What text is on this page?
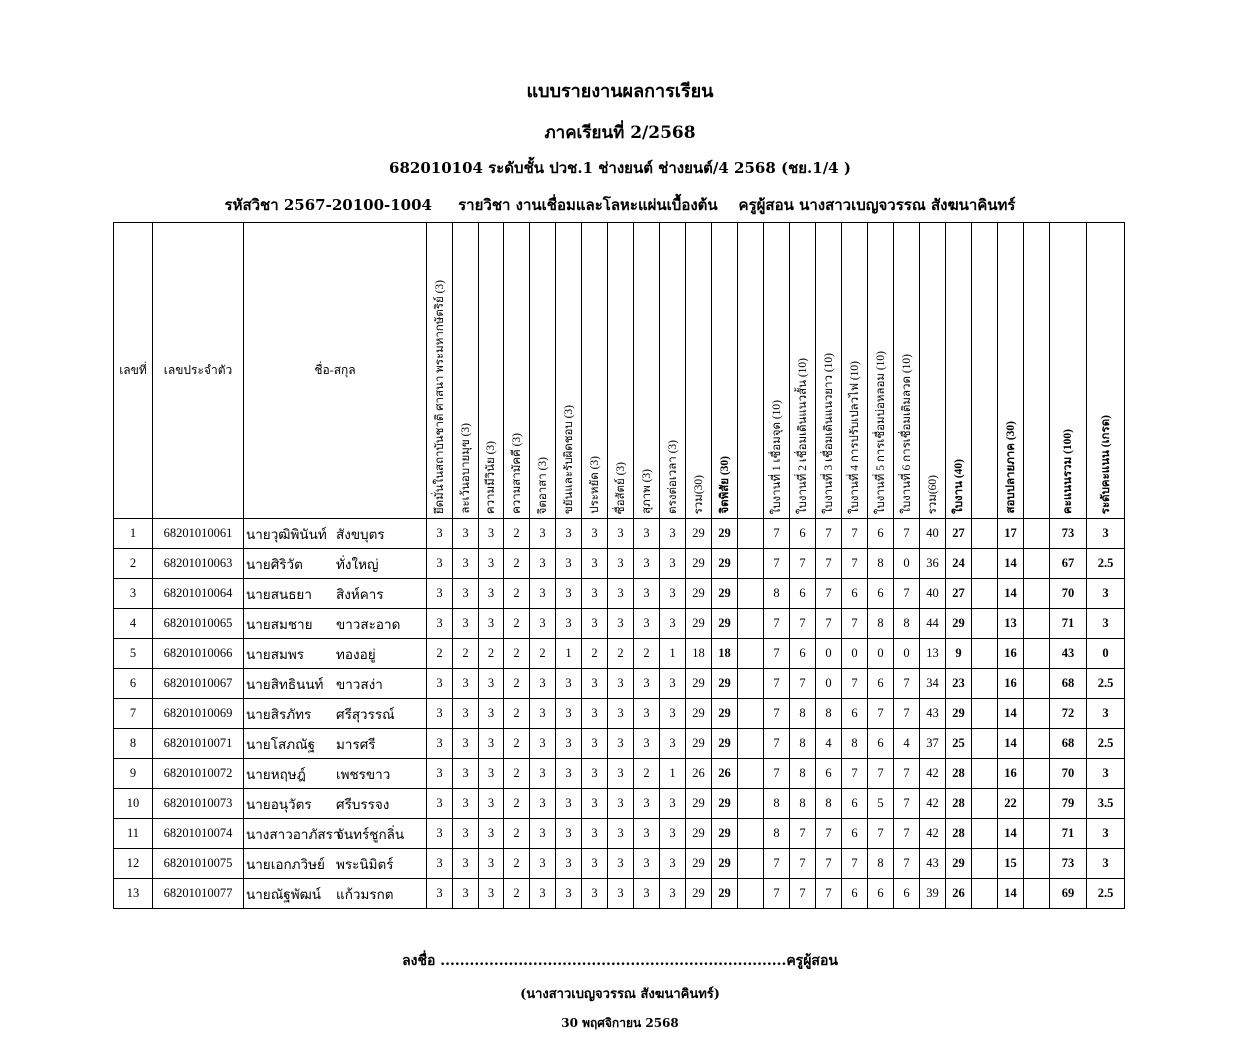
แบบรายงานผลการเรียน
ภาคเรียนที่ 2/2568
682010104 ระดับชั้น ปวช.1 ช่างยนต์ ช่างยนต์/4 2568 (ชย.1/4 )
รหัสวิชา 2567-20100-1004 รายวิชา งานเชื่อมและโลหะแผ่นเบื้องต้น ครูผู้สอน นางสาวเบญจวรรณ สังฆนาคินทร์
เลขที่	เลขประจำตัว	ชื่อ-สกุล	ยึดมั่นในสถาบันชาติ ศาสนา พระมหากษัตริย์ (3)	ละเว้นอบายมุข (3)	ความมีวินัย (3)	ความสามัคคี (3)	จิตอาสา (3)	ขยันและรับผิดชอบ (3)	ประหยัด (3)	ซื่อสัตย์ (3)	สุภาพ (3)	ตรงต่อเวลา (3)	รวม(30)	จิตพิสัย (30)		ใบงานที่ 1 เชื่อมจุด (10)	ใบงานที่ 2 เชื่อมเดินแนวสั้น (10)	ใบงานที่ 3 เชื่อมเดินแนวยาว (10)	ใบงานที่ 4 การปรับเปลวไฟ (10)	ใบงานที่ 5 การเชื่อมบ่อหลอม (10)	ใบงานที่ 6 การเชื่อมเติมลวด (10)	รวม(60)	ใบงาน (40)		สอบปลายภาค (30)		คะแนนรวม (100)	ระดับคะแนน (เกรด)
1	68201010061	นายวุฒิพินันท์ สังขบุตร	3	3	3	2	3	3	3	3	3	3	29	29		7	6	7	7	6	7	40	27		17		73	3
2	68201010063	นายศิริวัต ทั่งใหญ่	3	3	3	2	3	3	3	3	3	3	29	29		7	7	7	7	8	0	36	24		14		67	2.5
3	68201010064	นายสนธยา สิงห์คาร	3	3	3	2	3	3	3	3	3	3	29	29		8	6	7	6	6	7	40	27		14		70	3
4	68201010065	นายสมชาย ขาวสะอาด	3	3	3	2	3	3	3	3	3	3	29	29		7	7	7	7	8	8	44	29		13		71	3
5	68201010066	นายสมพร ทองอยู่	2	2	2	2	2	1	2	2	2	1	18	18		7	6	0	0	0	0	13	9		16		43	0
6	68201010067	นายสิทธินนท์ ขาวสง่า	3	3	3	2	3	3	3	3	3	3	29	29		7	7	0	7	6	7	34	23		16		68	2.5
7	68201010069	นายสิรภัทร ศรีสุวรรณ์	3	3	3	2	3	3	3	3	3	3	29	29		7	8	8	6	7	7	43	29		14		72	3
8	68201010071	นายโสภณัฐ มารศรี	3	3	3	2	3	3	3	3	3	3	29	29		7	8	4	8	6	4	37	25		14		68	2.5
9	68201010072	นายหฤษฎ์ เพชรขาว	3	3	3	2	3	3	3	3	2	1	26	26		7	8	6	7	7	7	42	28		16		70	3
10	68201010073	นายอนุวัตร ศรีบรรจง	3	3	3	2	3	3	3	3	3	3	29	29		8	8	8	6	5	7	42	28		22		79	3.5
11	68201010074	นางสาวอาภัสราจันทร์ชูกลิ่น	3	3	3	2	3	3	3	3	3	3	29	29		8	7	7	6	7	7	42	28		14		71	3
12	68201010075	นายเอกภวิษย์ พระนิมิตร์	3	3	3	2	3	3	3	3	3	3	29	29		7	7	7	7	8	7	43	29		15		73	3
13	68201010077	นายณัฐพัฒน์ แก้วมรกต	3	3	3	2	3	3	3	3	3	3	29	29		7	7	7	6	6	6	39	26		14		69	2.5
ลงชื่อ .......................................................................ครูผู้สอน
(นางสาวเบญจวรรณ สังฆนาคินทร์)
30 พฤศจิกายน 2568
